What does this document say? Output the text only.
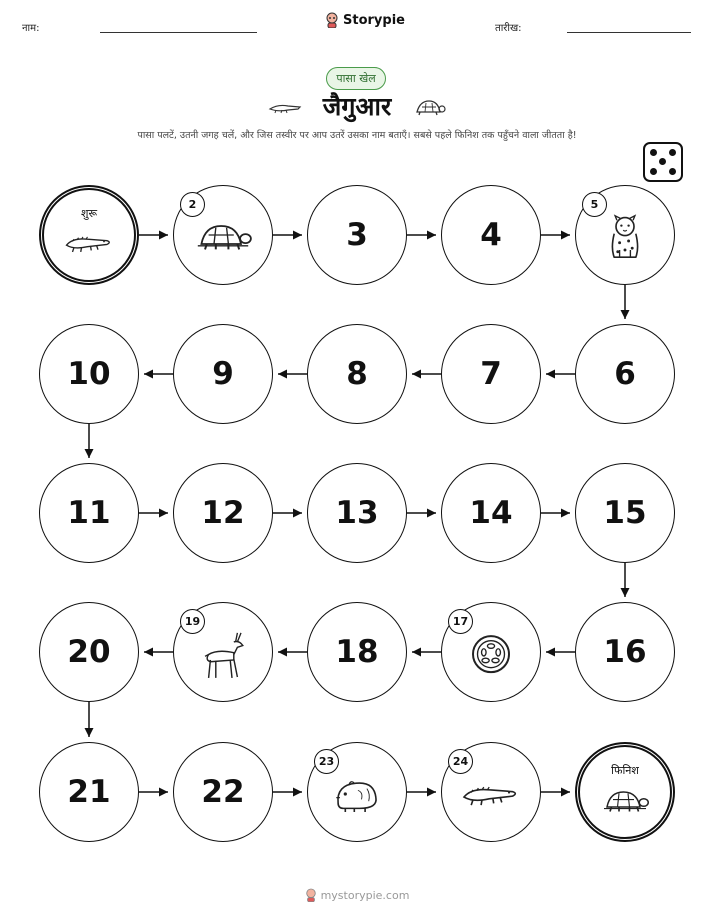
नाम:
Storypie
तारीख:
पासा खेल
जैगुआर
पासा पलटें, उतनी जगह चलें, और जिस तस्वीर पर आप उतरें उसका नाम बताएँ। सबसे पहले फिनिश तक पहुँचने वाला जीतता है!
शुरू
2
3	4
5
10	9	8	7	6
11	12	13	14	15
20
19
18
17
16
21	22
23	24
फिनिश
mystorypie.com
